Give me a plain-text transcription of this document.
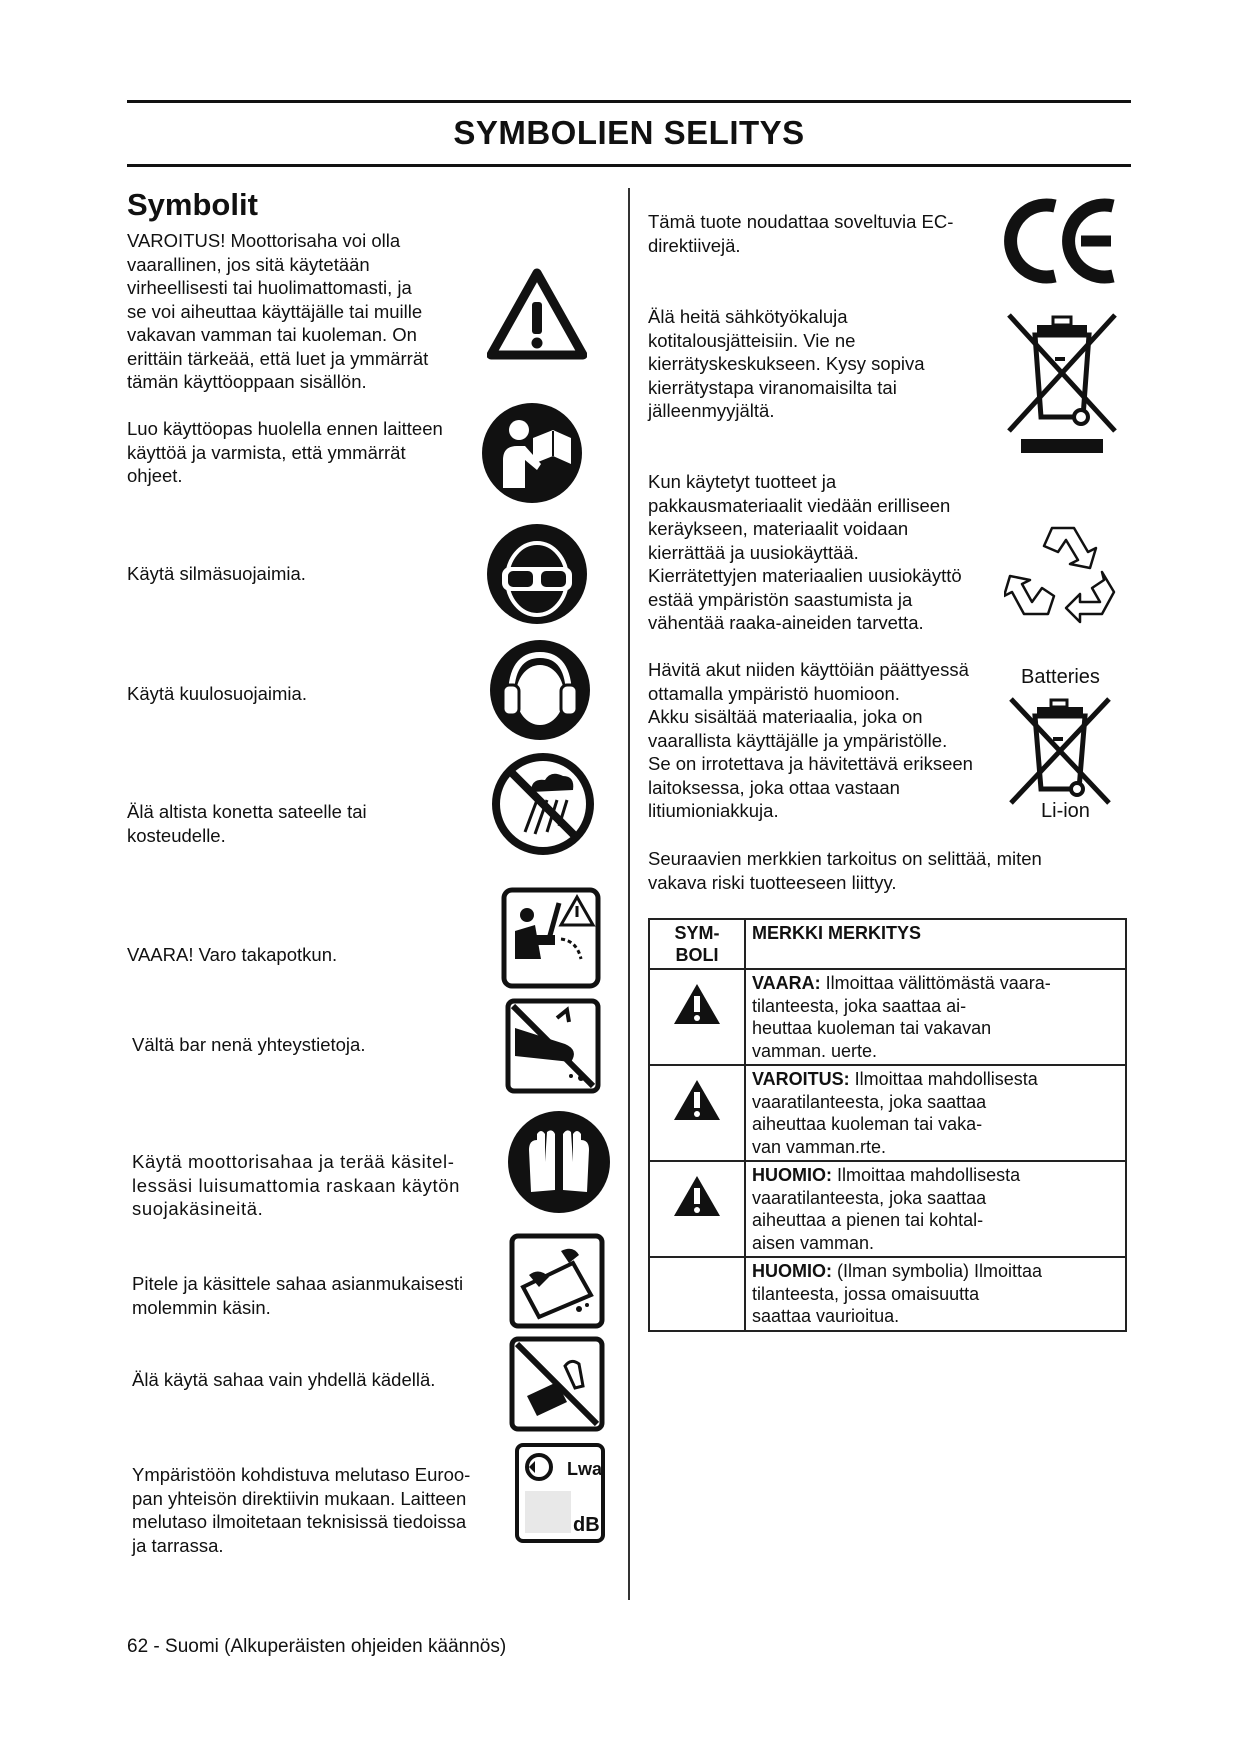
SYMBOLIEN SELITYS
Symbolit
VAROITUS! Moottorisaha voi olla
vaarallinen, jos sitä käytetään
virheellisesti tai huolimattomasti, ja
se voi aiheuttaa käyttäjälle tai muille
vakavan vamman tai kuoleman. On
erittäin tärkeää, että luet ja ymmärrät
tämän käyttöoppaan sisällön.
Luo käyttöopas huolella ennen laitteen
käyttöä ja varmista, että ymmärrät
ohjeet.
Käytä silmäsuojaimia.
Käytä kuulosuojaimia.
Älä altista konetta sateelle tai
kosteudelle.
VAARA! Varo takapotkun.
Vältä bar nenä yhteystietoja.
Käytä moottorisahaa ja terää käsitel-
lessäsi luisumattomia raskaan käytön
suojakäsineitä.
Pitele ja käsittele sahaa asianmukaisesti
molemmin käsin.
Älä käytä sahaa vain yhdellä kädellä.
Ympäristöön kohdistuva melutaso Euroo-
pan yhteisön direktiivin mukaan. Laitteen
melutaso ilmoitetaan teknisissä tiedoissa
ja tarrassa.
Lwa
dB
Tämä tuote noudattaa soveltuvia EC-
direktiivejä.
Älä heitä sähkötyökaluja
kotitalousjätteisiin. Vie ne
kierrätyskeskukseen. Kysy sopiva
kierrätystapa viranomaisilta tai
jälleenmyyjältä.
Kun käytetyt tuotteet ja
pakkausmateriaalit viedään erilliseen
keräykseen, materiaalit voidaan
kierrättää ja uusiokäyttää.
Kierrätettyjen materiaalien uusiokäyttö
estää ympäristön saastumista ja
vähentää raaka-aineiden tarvetta.
Hävitä akut niiden käyttöiän päättyessä
ottamalla ympäristö huomioon.
Akku sisältää materiaalia, joka on
vaarallista käyttäjälle ja ympäristölle.
Se on irrotettava ja hävitettävä erikseen
laitoksessa, joka ottaa vastaan
litiumioniakkuja.
Seuraavien merkkien tarkoitus on selittää, miten
vakava riski tuotteeseen liittyy.
Batteries
Li-ion
SYM-
BOLI	MERKKI MERKITYS
	VAARA: Ilmoittaa välittömästä vaara-
tilanteesta, joka saattaa ai-
heuttaa kuoleman tai vakavan
vamman. uerte.
	VAROITUS: Ilmoittaa mahdollisesta
vaaratilanteesta, joka saattaa
aiheuttaa kuoleman tai vaka-
van vamman.rte.
	HUOMIO: Ilmoittaa mahdollisesta
vaaratilanteesta, joka saattaa
aiheuttaa a pienen tai kohtal-
aisen vamman.
	HUOMIO: (Ilman symbolia) Ilmoittaa
tilanteesta, jossa omaisuutta
saattaa vaurioitua.
62 - Suomi (Alkuperäisten ohjeiden käännös)
